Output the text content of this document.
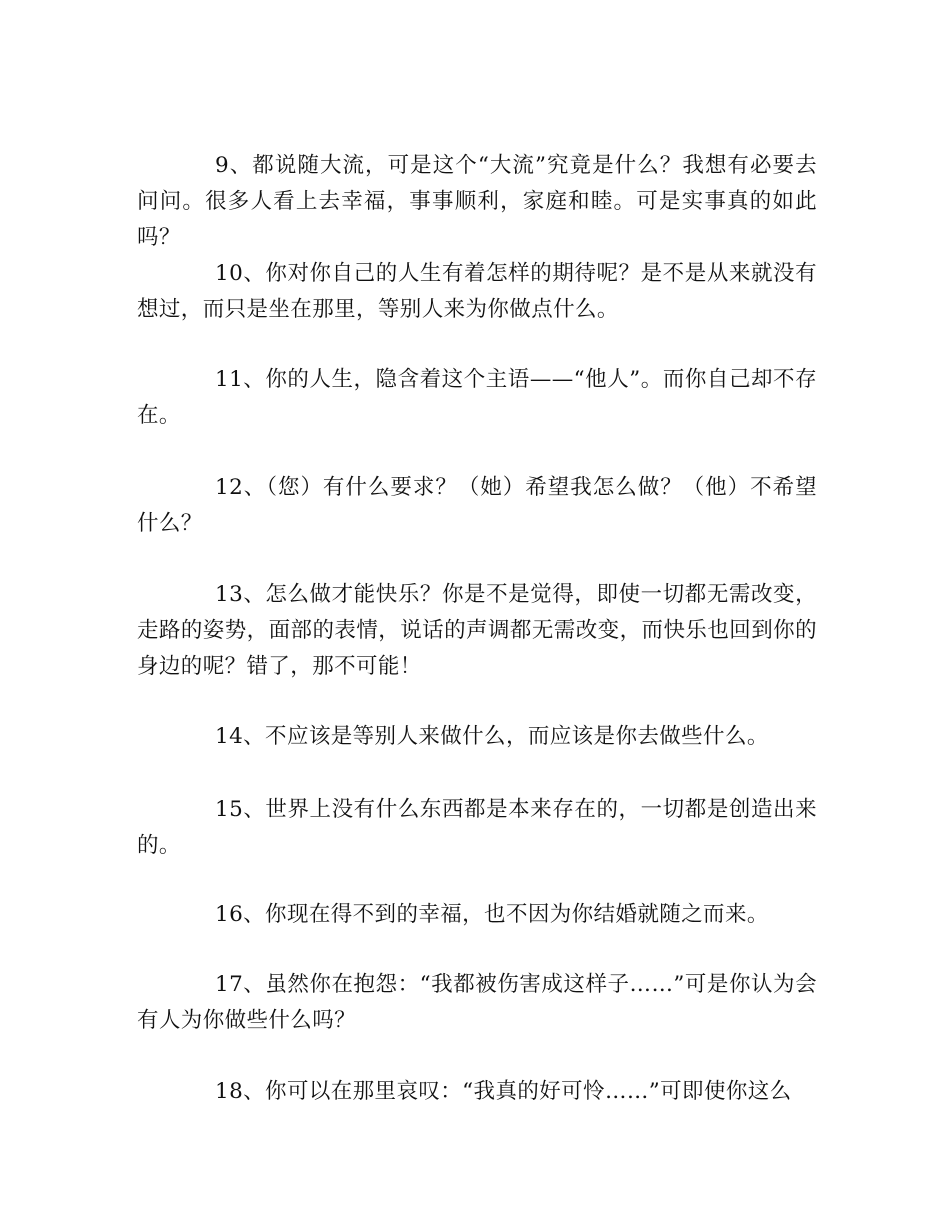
9、都说随大流，可是这个“大流”究竟是什么？我想有必要去问问。很多人看上去幸福，事事顺利，家庭和睦。可是实事真的如此吗？

10、你对你自己的人生有着怎样的期待呢？是不是从来就没有想过，而只是坐在那里，等别人来为你做点什么。

11、你的人生，隐含着这个主语——“他人”。而你自己却不存在。

12、（您）有什么要求？（她）希望我怎么做？（他）不希望什么？

13、怎么做才能快乐？你是不是觉得，即使一切都无需改变，走路的姿势，面部的表情，说话的声调都无需改变，而快乐也回到你的身边的呢？错了，那不可能！

14、不应该是等别人来做什么，而应该是你去做些什么。

15、世界上没有什么东西都是本来存在的，一切都是创造出来的。

16、你现在得不到的幸福，也不因为你结婚就随之而来。

17、虽然你在抱怨：“我都被伤害成这样子……”可是你认为会有人为你做些什么吗？

18、你可以在那里哀叹：“我真的好可怜……”可即使你这么
